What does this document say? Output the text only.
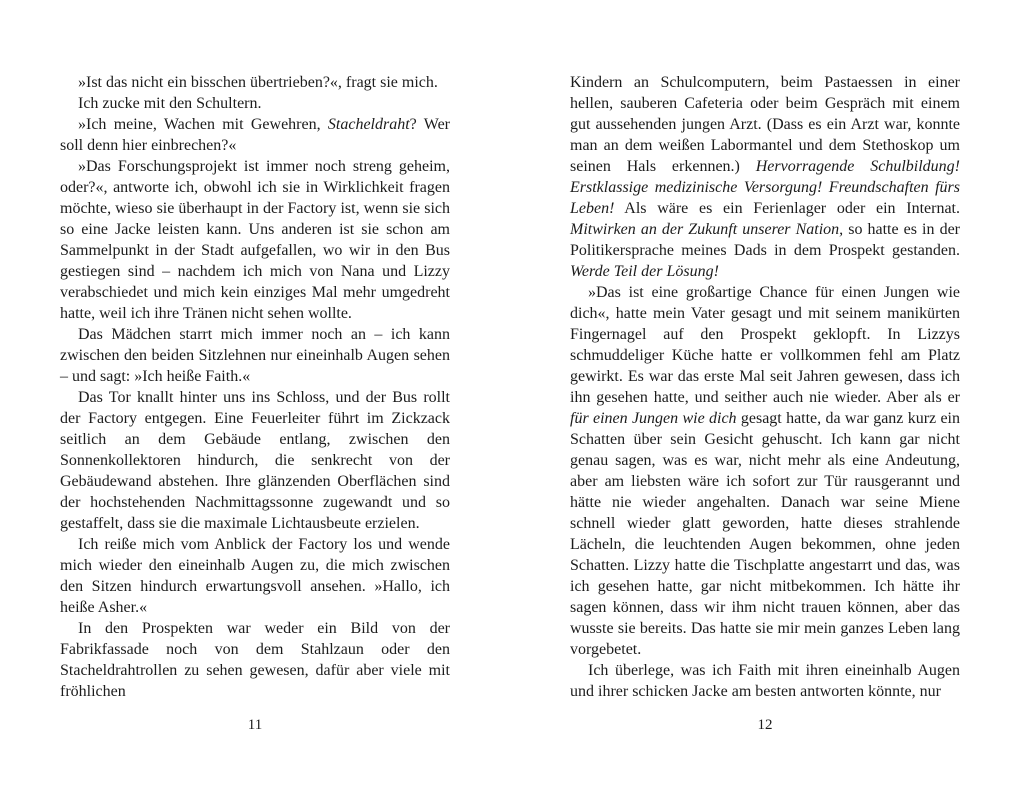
»Ist das nicht ein bisschen übertrieben?«, fragt sie mich.

Ich zucke mit den Schultern.

»Ich meine, Wachen mit Gewehren, Stacheldraht? Wer soll denn hier einbrechen?«

»Das Forschungsprojekt ist immer noch streng geheim, oder?«, antworte ich, obwohl ich sie in Wirklichkeit fragen möchte, wieso sie überhaupt in der Factory ist, wenn sie sich so eine Jacke leisten kann. Uns anderen ist sie schon am Sammelpunkt in der Stadt aufgefallen, wo wir in den Bus gestiegen sind – nachdem ich mich von Nana und Lizzy verabschiedet und mich kein einziges Mal mehr umgedreht hatte, weil ich ihre Tränen nicht sehen wollte.

Das Mädchen starrt mich immer noch an – ich kann zwischen den beiden Sitzlehnen nur eineinhalb Augen sehen – und sagt: »Ich heiße Faith.«

Das Tor knallt hinter uns ins Schloss, und der Bus rollt der Factory entgegen. Eine Feuerleiter führt im Zickzack seitlich an dem Gebäude entlang, zwischen den Sonnenkollektoren hindurch, die senkrecht von der Gebäudewand abstehen. Ihre glänzenden Oberflächen sind der hochstehenden Nachmittagssonne zugewandt und so gestaffelt, dass sie die maximale Lichtausbeute erzielen.

Ich reiße mich vom Anblick der Factory los und wende mich wieder den eineinhalb Augen zu, die mich zwischen den Sitzen hindurch erwartungsvoll ansehen. »Hallo, ich heiße Asher.«

In den Prospekten war weder ein Bild von der Fabrikfassade noch von dem Stahlzaun oder den Stacheldrahtrollen zu sehen gewesen, dafür aber viele mit fröhlichen

11

Kindern an Schulcomputern, beim Pastaessen in einer hellen, sauberen Cafeteria oder beim Gespräch mit einem gut aussehenden jungen Arzt. (Dass es ein Arzt war, konnte man an dem weißen Labormantel und dem Stethoskop um seinen Hals erkennen.) Hervorragende Schulbildung! Erstklassige medizinische Versorgung! Freundschaften fürs Leben! Als wäre es ein Ferienlager oder ein Internat. Mitwirken an der Zukunft unserer Nation, so hatte es in der Politikersprache meines Dads in dem Prospekt gestanden. Werde Teil der Lösung!

»Das ist eine großartige Chance für einen Jungen wie dich«, hatte mein Vater gesagt und mit seinem manikürten Fingernagel auf den Prospekt geklopft. In Lizzys schmuddeliger Küche hatte er vollkommen fehl am Platz gewirkt. Es war das erste Mal seit Jahren gewesen, dass ich ihn gesehen hatte, und seither auch nie wieder. Aber als er für einen Jungen wie dich gesagt hatte, da war ganz kurz ein Schatten über sein Gesicht gehuscht. Ich kann gar nicht genau sagen, was es war, nicht mehr als eine Andeutung, aber am liebsten wäre ich sofort zur Tür rausgerannt und hätte nie wieder angehalten. Danach war seine Miene schnell wieder glatt geworden, hatte dieses strahlende Lächeln, die leuchtenden Augen bekommen, ohne jeden Schatten. Lizzy hatte die Tischplatte angestarrt und das, was ich gesehen hatte, gar nicht mitbekommen. Ich hätte ihr sagen können, dass wir ihm nicht trauen können, aber das wusste sie bereits. Das hatte sie mir mein ganzes Leben lang vorgebetet.

Ich überlege, was ich Faith mit ihren eineinhalb Augen und ihrer schicken Jacke am besten antworten könnte, nur

12
